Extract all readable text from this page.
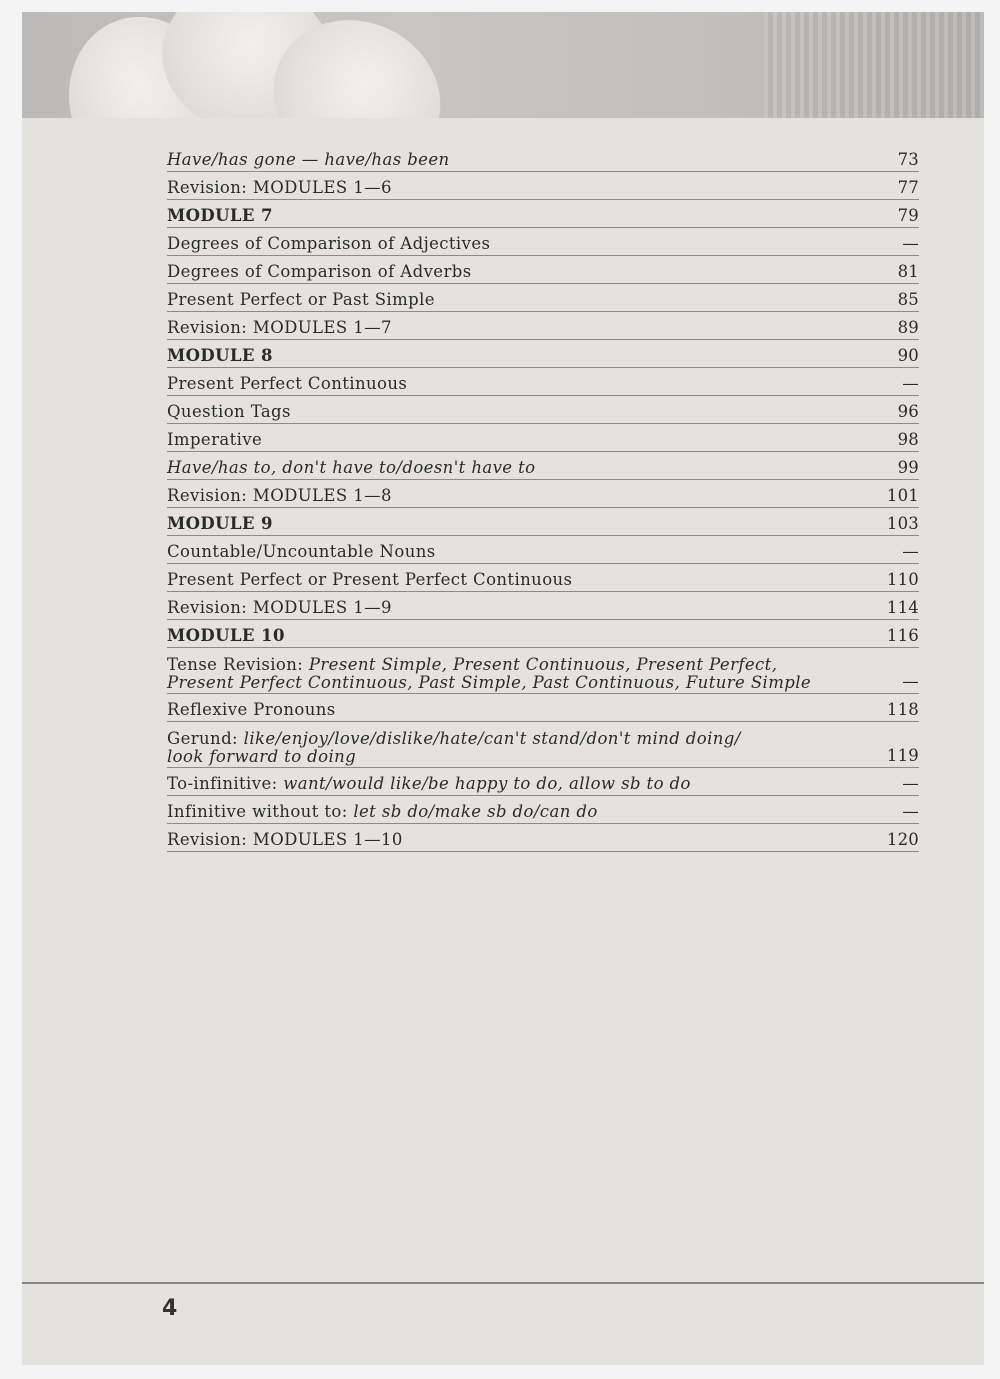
Have/has gone — have/has been	73
Revision: MODULES 1—6	77
MODULE 7	79
Degrees of Comparison of Adjectives	—
Degrees of Comparison of Adverbs	81
Present Perfect or Past Simple	85
Revision: MODULES 1—7	89
MODULE 8	90
Present Perfect Continuous	—
Question Tags	96
Imperative	98
Have/has to, don't have to/doesn't have to	99
Revision: MODULES 1—8	101
MODULE 9	103
Countable/Uncountable Nouns	—
Present Perfect or Present Perfect Continuous	110
Revision: MODULES 1—9	114
MODULE 10	116
Tense Revision: Present Simple, Present Continuous, Present Perfect,
Present Perfect Continuous, Past Simple, Past Continuous, Future Simple	—
Reflexive Pronouns	118
Gerund: like/enjoy/love/dislike/hate/can't stand/don't mind doing/
look forward to doing	119
To-infinitive: want/would like/be happy to do, allow sb to do	—
Infinitive without to: let sb do/make sb do/can do	—
Revision: MODULES 1—10	120
4
